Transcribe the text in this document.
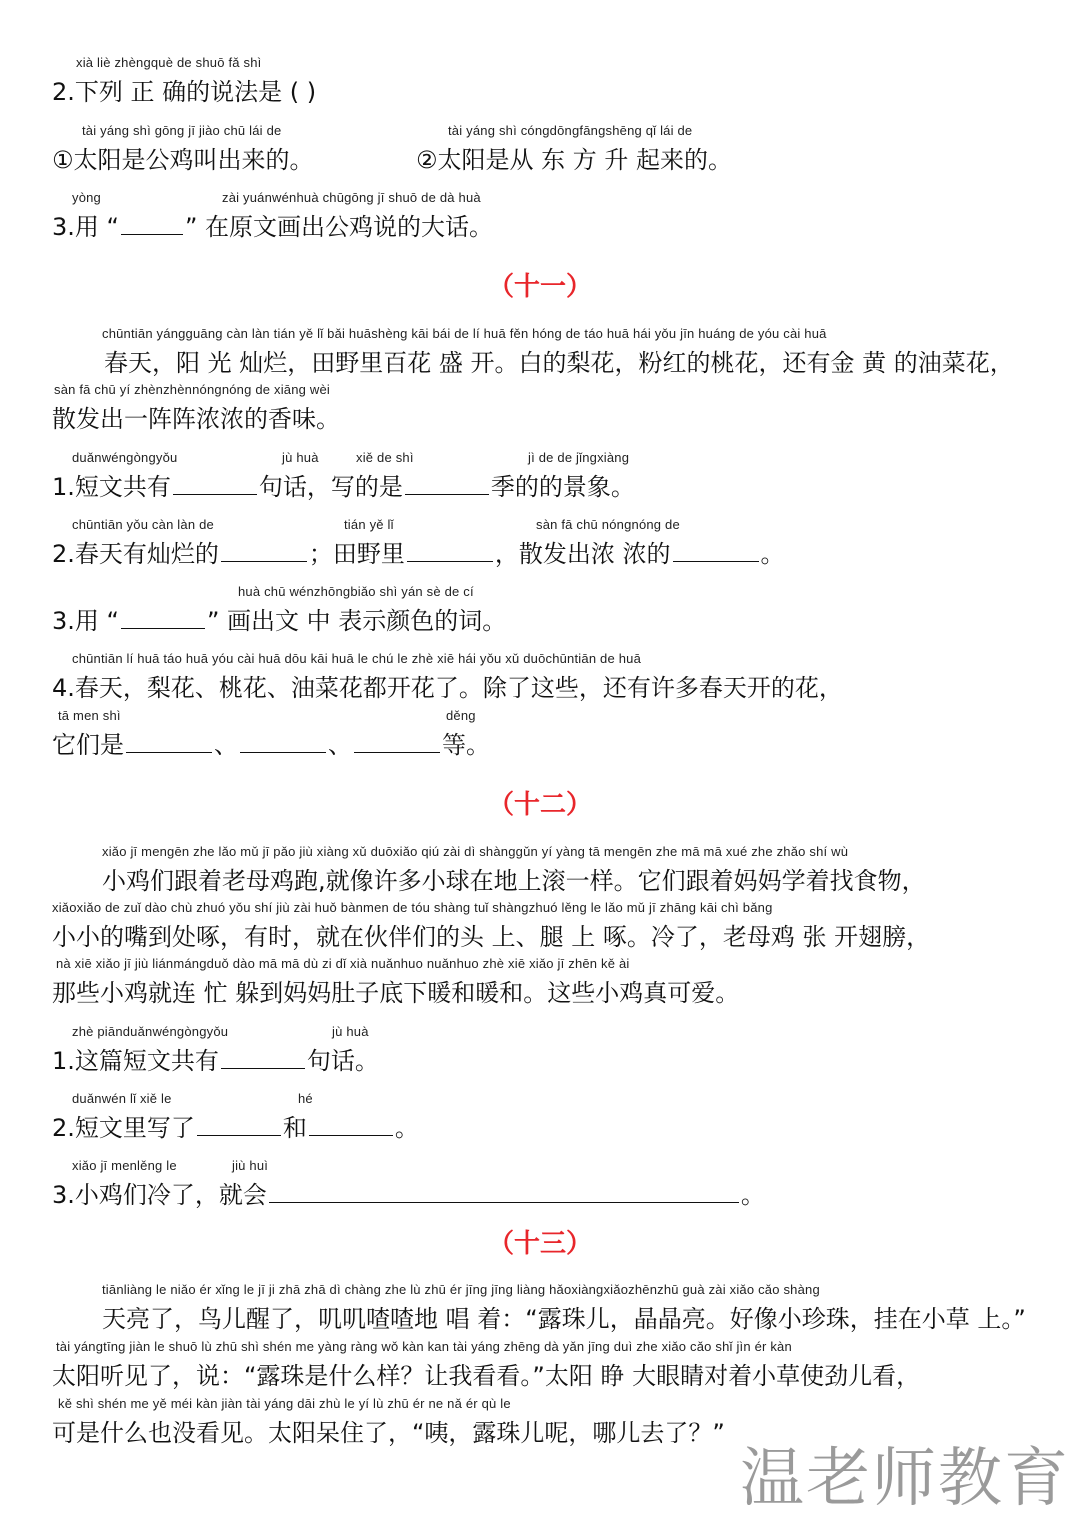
xià liè zhèngquè de shuō fǎ shì
2.下列 正 确的说法是 ( )
tài yáng shì gōng jī jiào chū lái de
①太阳是公鸡叫出来的。
tài yáng shì cóngdōngfāngshēng qǐ lái de
②太阳是从 东 方 升 起来的。
yòng	zài yuánwénhuà chūgōng jī shuō de dà huà
3.用 “	” 在原文画出公鸡说的大话。
（十一）
chūntiān yángguāng càn làn tián yě lǐ bǎi huāshèng kāi bái de lí huā fěn hóng de táo huā hái yǒu jīn huáng de yóu cài huā
春天，阳 光 灿烂，田野里百花 盛 开。白的梨花，粉红的桃花，还有金 黄 的油菜花，
sàn fā chū yí zhènzhènnóngnóng de xiāng wèi
散发出一阵阵浓浓的香味。
duǎnwéngòngyǒu	jù huà	xiě de shì	jì de de jǐngxiàng
1.短文共有	句话，写的是	季的的景象。
chūntiān yǒu càn làn de	tián yě lǐ	sàn fā chū nóngnóng de
2.春天有灿烂的	；田野里	，散发出浓 浓的	。
huà chū wénzhōngbiǎo shì yán sè de cí
3.用 “	” 画出文 中 表示颜色的词。
chūntiān lí huā táo huā yóu cài huā dōu kāi huā le chú le zhè xiē hái yǒu xǔ duōchūntiān de huā
4.春天，梨花、桃花、油菜花都开花了。除了这些，还有许多春天开的花，
tā men shì	děng
它们是	、	、	等。
（十二）
xiǎo jī mengēn zhe lǎo mǔ jī pǎo jiù xiàng xǔ duōxiǎo qiú zài dì shànggǔn yí yàng tā mengēn zhe mā mā xué zhe zhǎo shí wù
小鸡们跟着老母鸡跑,就像许多小球在地上滚一样。它们跟着妈妈学着找食物，
xiǎoxiǎo de zuǐ dào chù zhuó yǒu shí jiù zài huǒ bànmen de tóu shàng tuǐ shàngzhuó lěng le lǎo mǔ jī zhāng kāi chì bǎng
小小的嘴到处啄，有时，就在伙伴们的头 上、腿 上 啄。冷了，老母鸡 张 开翅膀，
nà xiē xiǎo jī jiù liánmángduǒ dào mā mā dù zi dǐ xià nuǎnhuo nuǎnhuo zhè xiē xiǎo jī zhēn kě ài
那些小鸡就连 忙 躲到妈妈肚子底下暖和暖和。这些小鸡真可爱。
zhè piānduǎnwéngòngyǒu	jù huà
1.这篇短文共有	句话。
duǎnwén lǐ xiě le	hé
2.短文里写了	和	。
xiǎo jī menlěng le	jiù huì
3.小鸡们冷了，就会	。
（十三）
tiānliàng le niǎo ér xǐng le jī ji zhā zhā dì chàng zhe lù zhū ér jīng jīng liàng hǎoxiàngxiǎozhēnzhū guà zài xiǎo cǎo shàng
天亮了，鸟儿醒了，叽叽喳喳地 唱 着：“露珠儿，晶晶亮。好像小珍珠，挂在小草 上。”
tài yángtīng jiàn le shuō lù zhū shì shén me yàng ràng wǒ kàn kan tài yáng zhēng dà yǎn jīng duì zhe xiǎo cǎo shǐ jìn ér kàn
太阳听见了，说：“露珠是什么样？让我看看。”太阳 睁 大眼睛对着小草使劲儿看，
kě shì shén me yě méi kàn jiàn tài yáng dāi zhù le yí lù zhū ér ne nǎ ér qù le
可是什么也没看见。太阳呆住了，“咦，露珠儿呢，哪儿去了？”
温老师教育
